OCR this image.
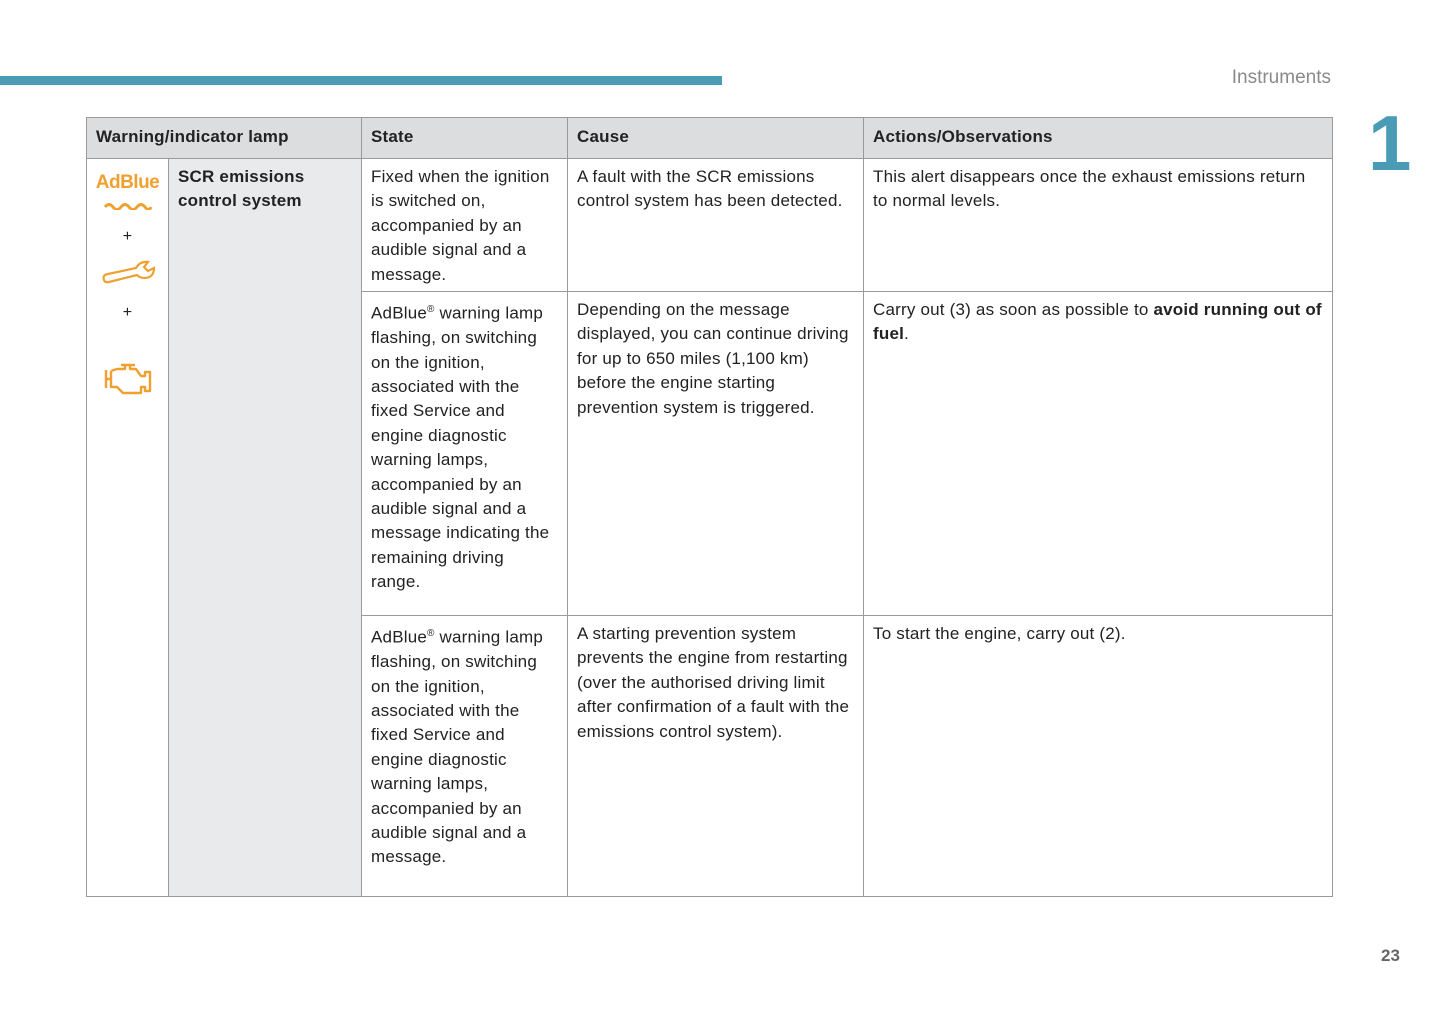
Instruments
1
Warning/indicator lamp		State	Cause	Actions/Observations

AdBlue
+
+	SCR emissions control system	Fixed when the ignition is switched on, accompanied by an audible signal and a message.	A fault with the SCR emissions control system has been detected.	This alert disappears once the exhaust emissions return to normal levels.
		AdBlue® warning lamp flashing, on switching on the ignition, associated with the fixed Service and engine diagnostic warning lamps, accompanied by an audible signal and a message indicating the remaining driving range.	Depending on the message displayed, you can continue driving for up to 650 miles (1,100 km) before the engine starting prevention system is triggered.	Carry out (3) as soon as possible to avoid running out of fuel.
		AdBlue® warning lamp flashing, on switching on the ignition, associated with the fixed Service and engine diagnostic warning lamps, accompanied by an audible signal and a message.	A starting prevention system prevents the engine from restarting (over the authorised driving limit after confirmation of a fault with the emissions control system).	To start the engine, carry out (2).
23
